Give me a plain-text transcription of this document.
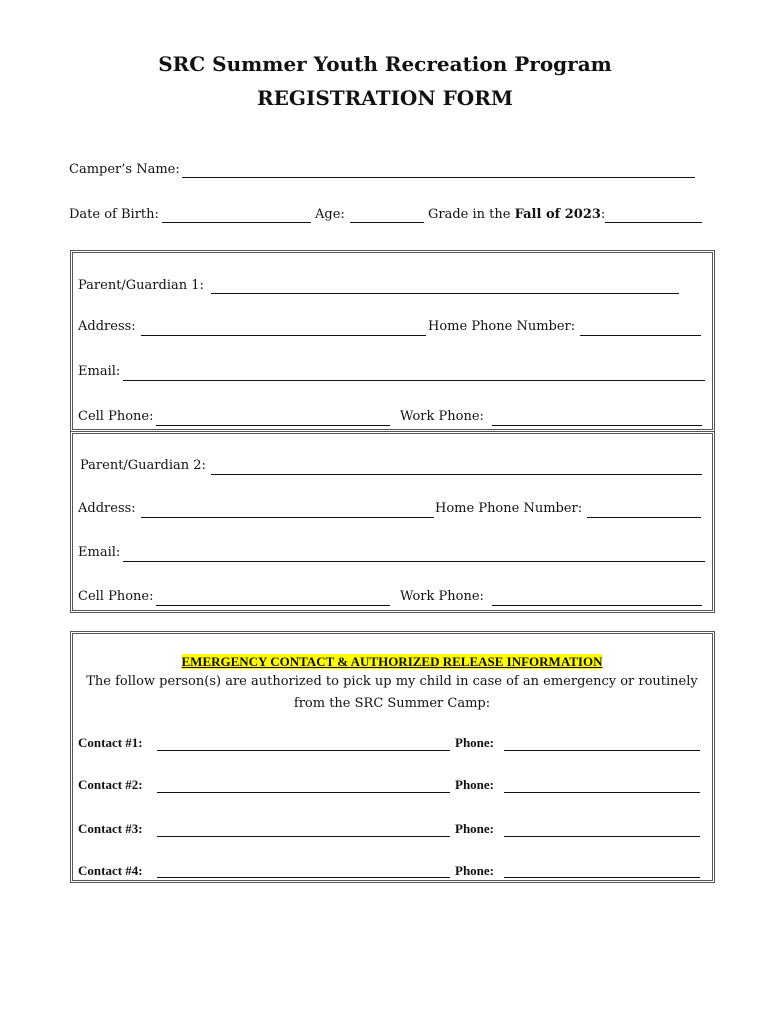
SRC Summer Youth Recreation Program
REGISTRATION FORM
Camper’s Name:
Date of Birth:	Age:	Grade in the Fall of 2023:
Parent/Guardian 1:
Address:	Home Phone Number:
Email:
Cell Phone:	Work Phone:
Parent/Guardian 2:
Address:	Home Phone Number:
Email:
Cell Phone:	Work Phone:
EMERGENCY CONTACT & AUTHORIZED RELEASE INFORMATION
The follow person(s) are authorized to pick up my child in case of an emergency or routinely
from the SRC Summer Camp:
Contact #1:	Phone:
Contact #2:	Phone:
Contact #3:	Phone:
Contact #4:	Phone:
